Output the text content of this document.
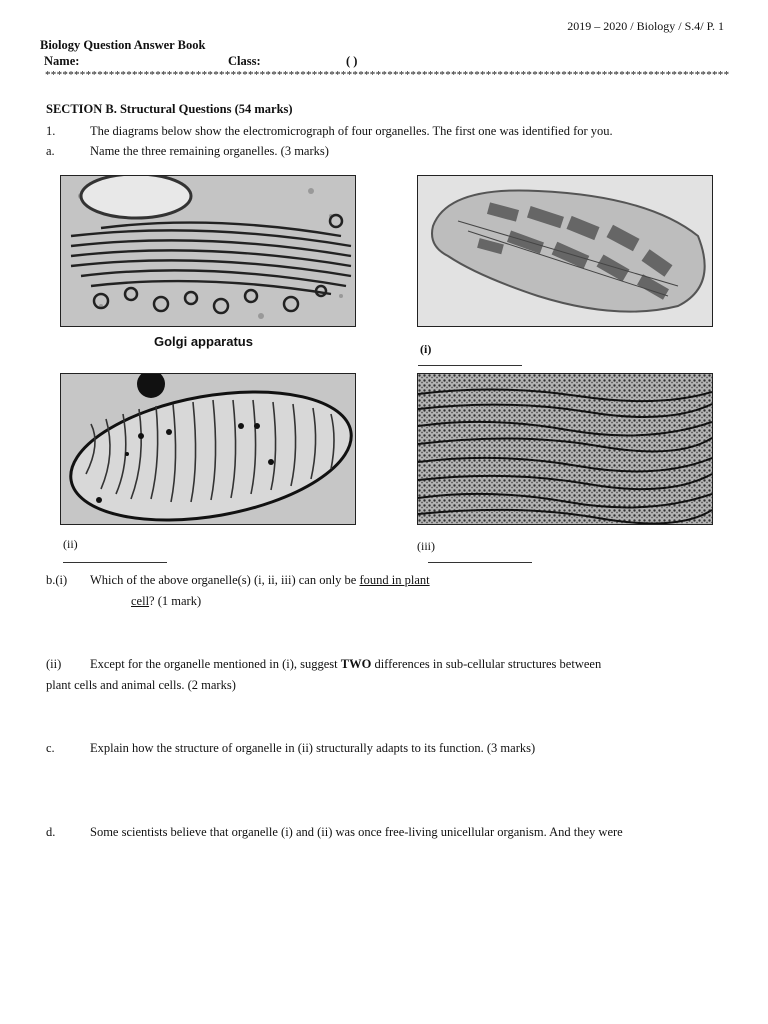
2019 – 2020 / Biology / S.4/ P. 1
Biology Question Answer Book
Name:	Class:	( )
**********************************************************************************************************************
SECTION B. Structural Questions (54 marks)
1.	The diagrams below show the electromicrograph of four organelles. The first one was identified for you.
a.	Name the three remaining organelles. (3 marks)
Golgi apparatus	(i)
(ii)	(iii)
b.(i) Which of the above organelle(s) (i, ii, iii) can only be found in plant
cell? (1 mark)
(ii) Except for the organelle mentioned in (i), suggest TWO differences in sub-cellular structures between
plant cells and animal cells. (2 marks)
c.	Explain how the structure of organelle in (ii) structurally adapts to its function. (3 marks)
d.	Some scientists believe that organelle (i) and (ii) was once free-living unicellular organism. And they were
